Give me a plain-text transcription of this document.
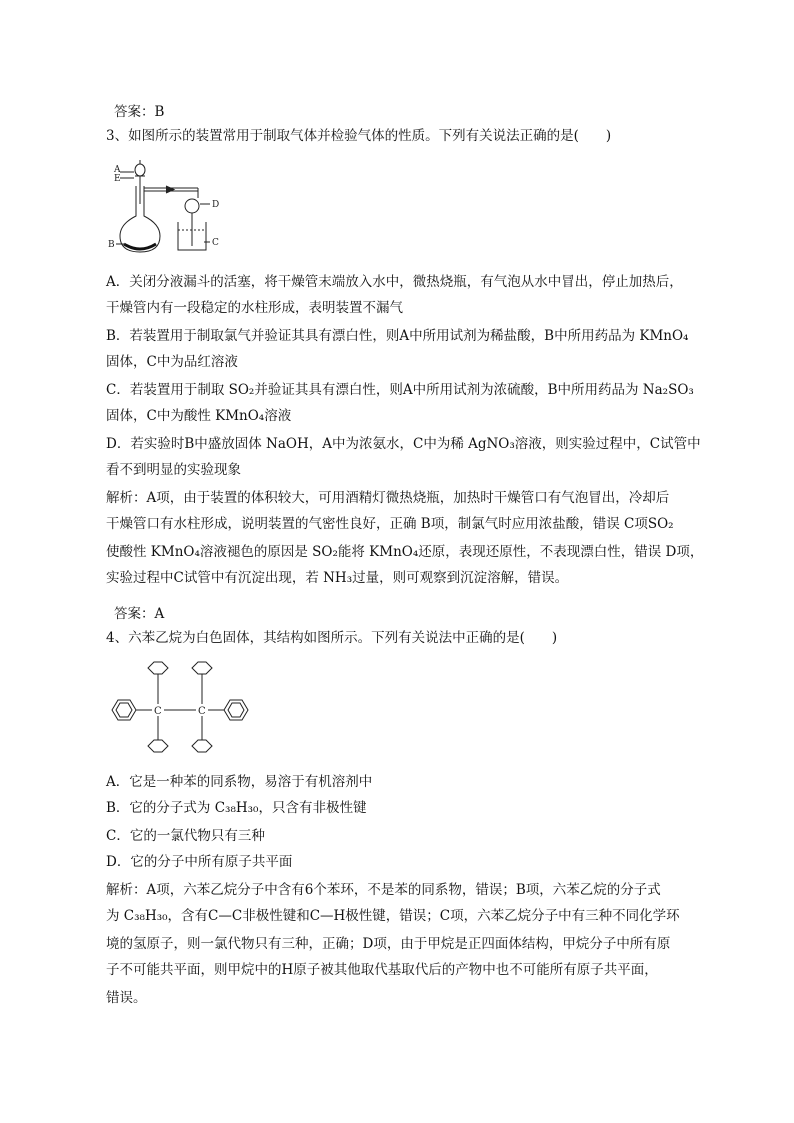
答案：B
3、如图所示的装置常用于制取气体并检验气体的性质。下列有关说法正确的是(　　)
A
E
B	C
D
A．关闭分液漏斗的活塞，将干燥管末端放入水中，微热烧瓶，有气泡从水中冒出，停止加热后，
干燥管内有一段稳定的水柱形成，表明装置不漏气
B．若装置用于制取氯气并验证其具有漂白性，则A中所用试剂为稀盐酸，B中所用药品为 KMnO₄
固体，C中为品红溶液
C．若装置用于制取 SO₂并验证其具有漂白性，则A中所用试剂为浓硫酸，B中所用药品为 Na₂SO₃
固体，C中为酸性 KMnO₄溶液
D．若实验时B中盛放固体 NaOH，A中为浓氨水，C中为稀 AgNO₃溶液，则实验过程中，C试管中
看不到明显的实验现象
解析：A项，由于装置的体积较大，可用酒精灯微热烧瓶，加热时干燥管口有气泡冒出，冷却后
干燥管口有水柱形成，说明装置的气密性良好，正确 B项，制氯气时应用浓盐酸，错误 C项SO₂
使酸性 KMnO₄溶液褪色的原因是 SO₂能将 KMnO₄还原，表现还原性，不表现漂白性，错误 D项，
实验过程中C试管中有沉淀出现，若 NH₃过量，则可观察到沉淀溶解，错误。
答案：A
4、六苯乙烷为白色固体，其结构如图所示。下列有关说法中正确的是(　　)
C	C
A．它是一种苯的同系物，易溶于有机溶剂中
B．它的分子式为 C₃₈H₃₀，只含有非极性键
C．它的一氯代物只有三种
D．它的分子中所有原子共平面
解析：A项，六苯乙烷分子中含有6个苯环，不是苯的同系物，错误；B项，六苯乙烷的分子式
为 C₃₈H₃₀，含有C—C非极性键和C—H极性键，错误；C项，六苯乙烷分子中有三种不同化学环
境的氢原子，则一氯代物只有三种，正确；D项，由于甲烷是正四面体结构，甲烷分子中所有原
子不可能共平面，则甲烷中的H原子被其他取代基取代后的产物中也不可能所有原子共平面，
错误。
